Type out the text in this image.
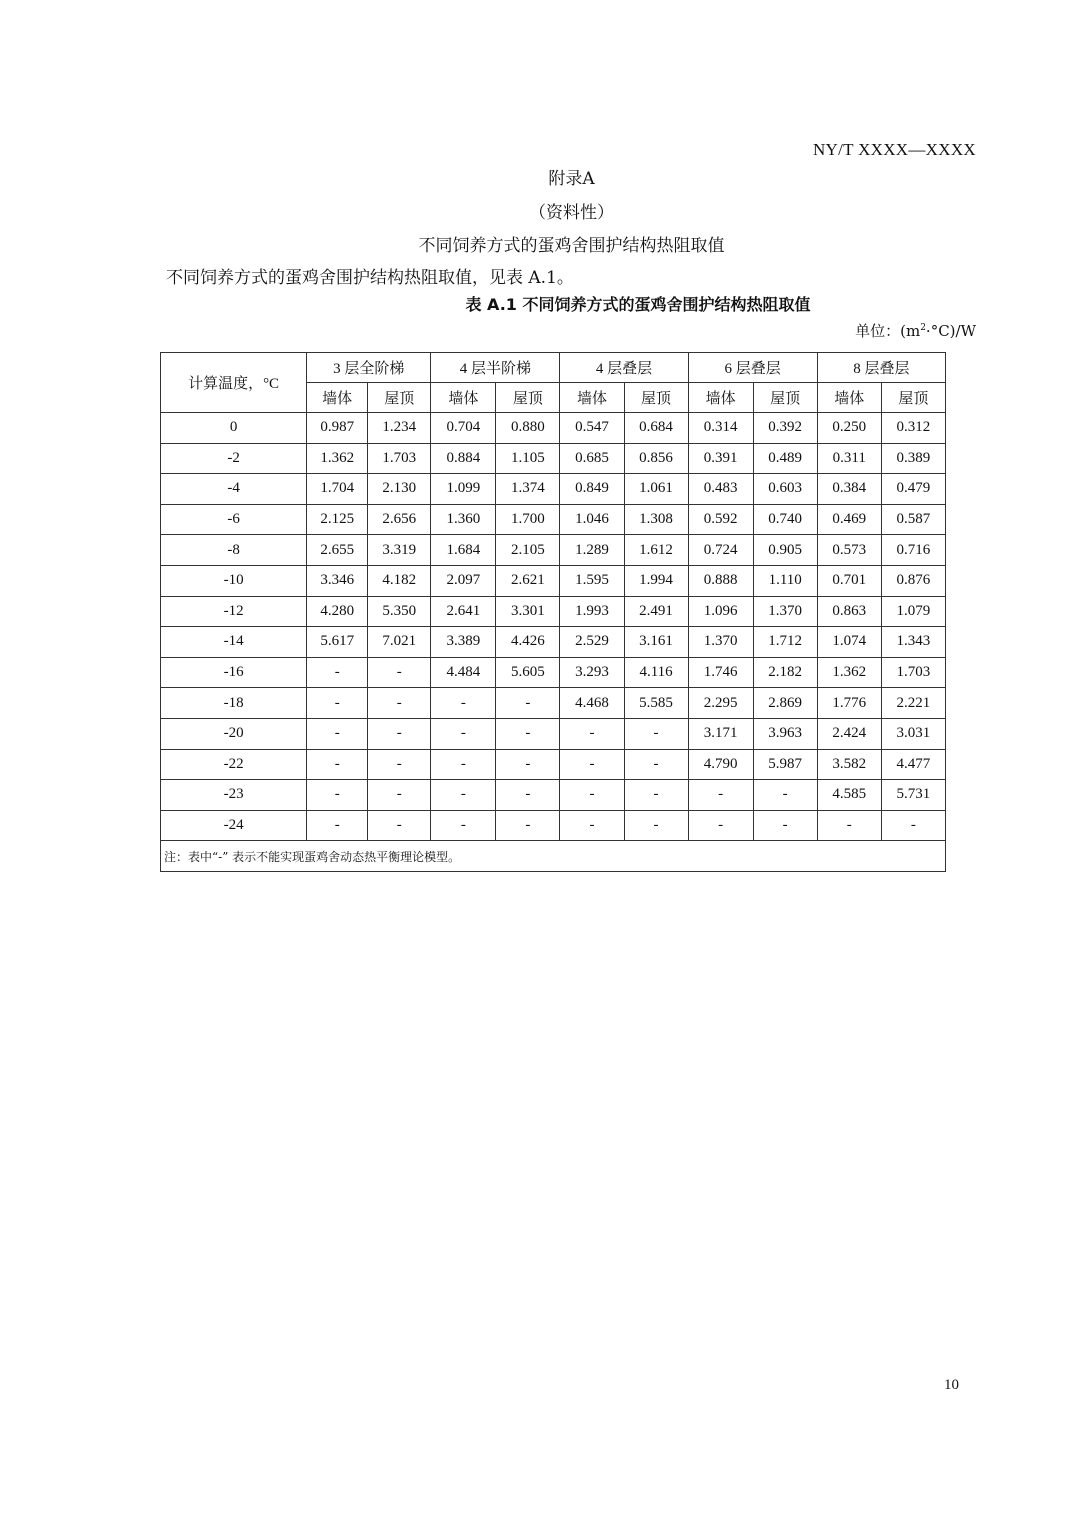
NY/T XXXX—XXXX
附录A
（资料性）
不同饲养方式的蛋鸡舍围护结构热阻取值
不同饲养方式的蛋鸡舍围护结构热阻取值，见表 A.1。
表 A.1 不同饲养方式的蛋鸡舍围护结构热阻取值
单位：$(m^2\cdot^\circ C)/W$
计算温度，°C	3 层全阶梯		4 层半阶梯		4 层叠层		6 层叠层		8 层叠层	
	墙体	屋顶	墙体	屋顶	墙体	屋顶	墙体	屋顶	墙体	屋顶
0	0.987	1.234	0.704	0.880	0.547	0.684	0.314	0.392	0.250	0.312
-2	1.362	1.703	0.884	1.105	0.685	0.856	0.391	0.489	0.311	0.389
-4	1.704	2.130	1.099	1.374	0.849	1.061	0.483	0.603	0.384	0.479
-6	2.125	2.656	1.360	1.700	1.046	1.308	0.592	0.740	0.469	0.587
-8	2.655	3.319	1.684	2.105	1.289	1.612	0.724	0.905	0.573	0.716
-10	3.346	4.182	2.097	2.621	1.595	1.994	0.888	1.110	0.701	0.876
-12	4.280	5.350	2.641	3.301	1.993	2.491	1.096	1.370	0.863	1.079
-14	5.617	7.021	3.389	4.426	2.529	3.161	1.370	1.712	1.074	1.343
-16	-	-	4.484	5.605	3.293	4.116	1.746	2.182	1.362	1.703
-18	-	-	-	-	4.468	5.585	2.295	2.869	1.776	2.221
-20	-	-	-	-	-	-	3.171	3.963	2.424	3.031
-22	-	-	-	-	-	-	4.790	5.987	3.582	4.477
-23	-	-	-	-	-	-	-	-	4.585	5.731
-24	-	-	-	-	-	-	-	-	-	-
注：表中“-” 表示不能实现蛋鸡舍动态热平衡理论模型。										
10
